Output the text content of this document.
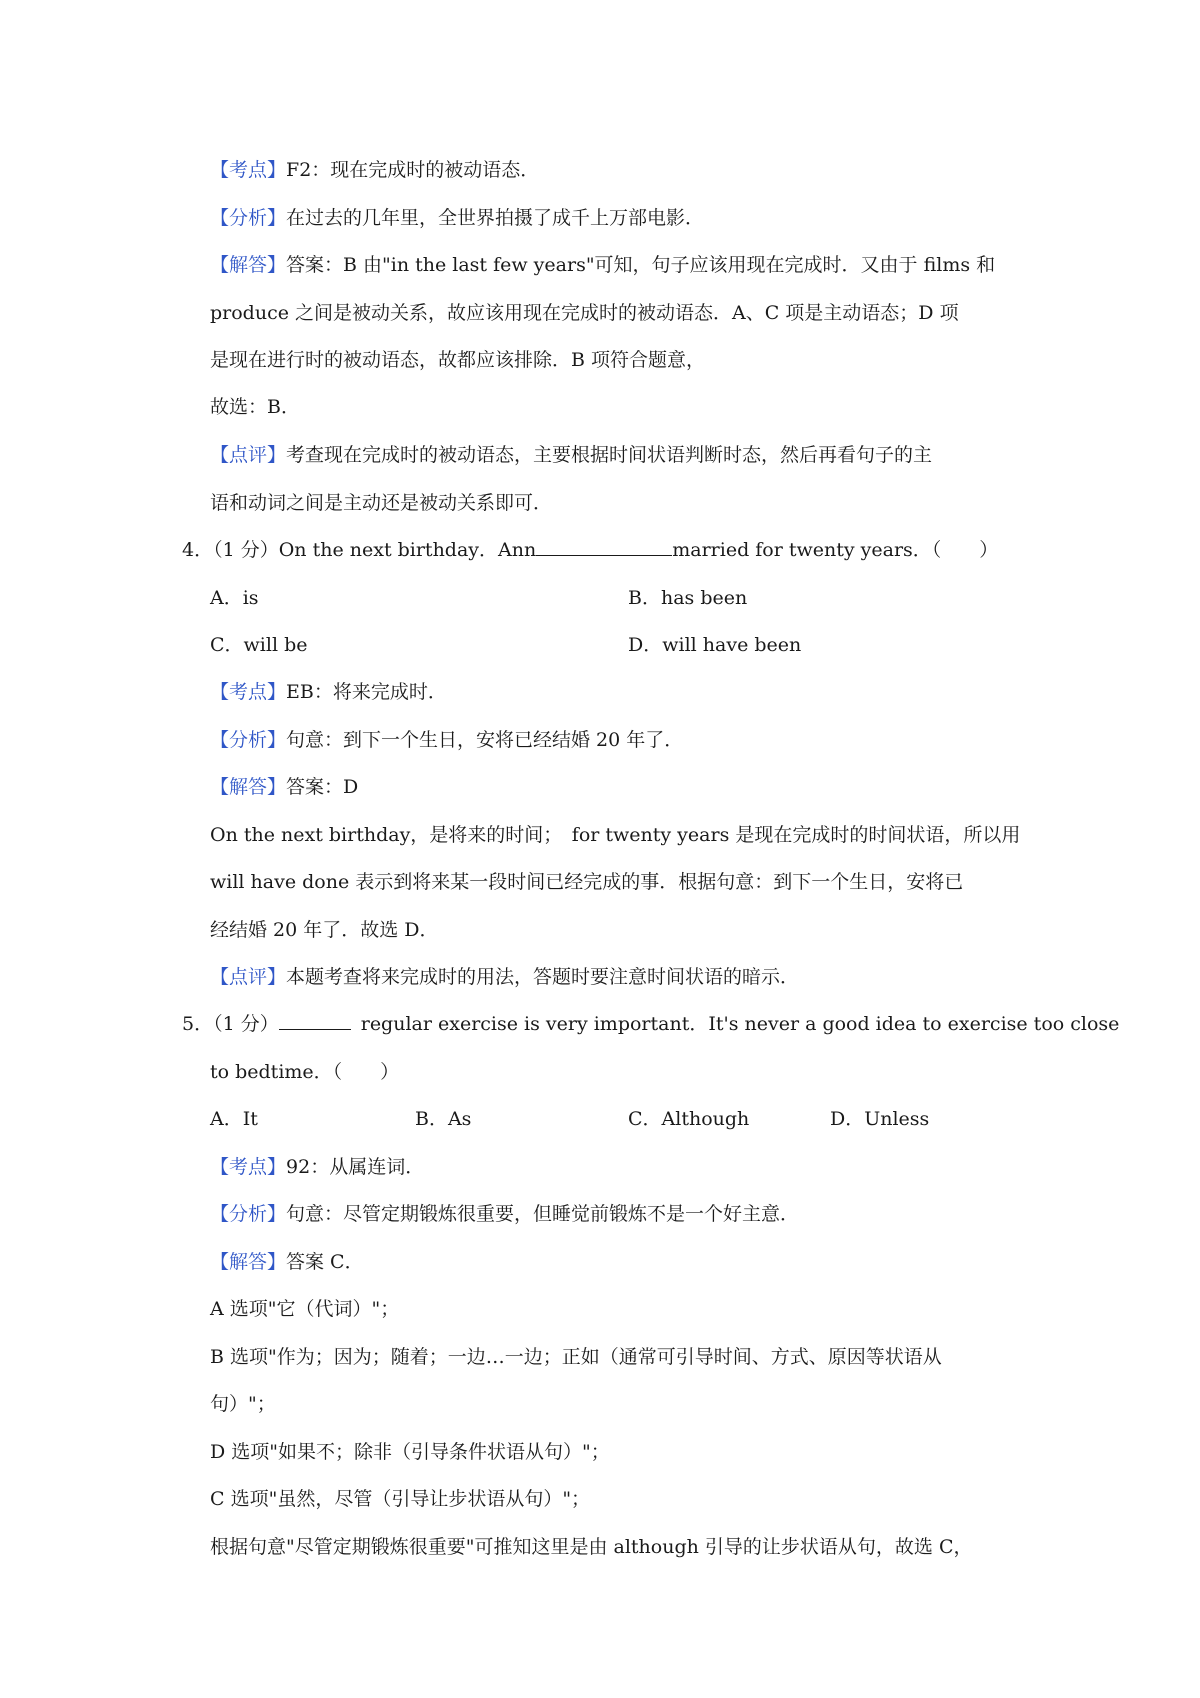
【考点】F2：现在完成时的被动语态．
【分析】在过去的几年里，全世界拍摄了成千上万部电影．
【解答】答案：B 由"in the last few years"可知，句子应该用现在完成时．又由于 films 和
produce 之间是被动关系，故应该用现在完成时的被动语态．A、C 项是主动语态；D 项
是现在进行时的被动语态，故都应该排除．B 项符合题意，
故选：B．
【点评】考查现在完成时的被动语态，主要根据时间状语判断时态，然后再看句子的主
语和动词之间是主动还是被动关系即可．
4．（1 分）On the next birthday．Ann	married for twenty years．（　　）
A．is	B．has been
C．will be	D．will have been
【考点】EB：将来完成时．
【分析】句意：到下一个生日，安将已经结婚 20 年了．
【解答】答案：D
On the next birthday，是将来的时间；　for twenty years 是现在完成时的时间状语，所以用
will have done 表示到将来某一段时间已经完成的事．根据句意：到下一个生日，安将已
经结婚 20 年了．故选 D．
【点评】本题考查将来完成时的用法，答题时要注意时间状语的暗示．
5．（1 分）	regular exercise is very important．It's never a good idea to exercise too close
to bedtime．（　　）
A．It	B．As	C．Although	D．Unless
【考点】92：从属连词．
【分析】句意：尽管定期锻炼很重要，但睡觉前锻炼不是一个好主意．
【解答】答案 C．
A 选项"它（代词）"；
B 选项"作为；因为；随着；一边…一边；正如（通常可引导时间、方式、原因等状语从
句）"；
D 选项"如果不；除非（引导条件状语从句）"；
C 选项"虽然，尽管（引导让步状语从句）"；
根据句意"尽管定期锻炼很重要"可推知这里是由 although 引导的让步状语从句，故选 C，
